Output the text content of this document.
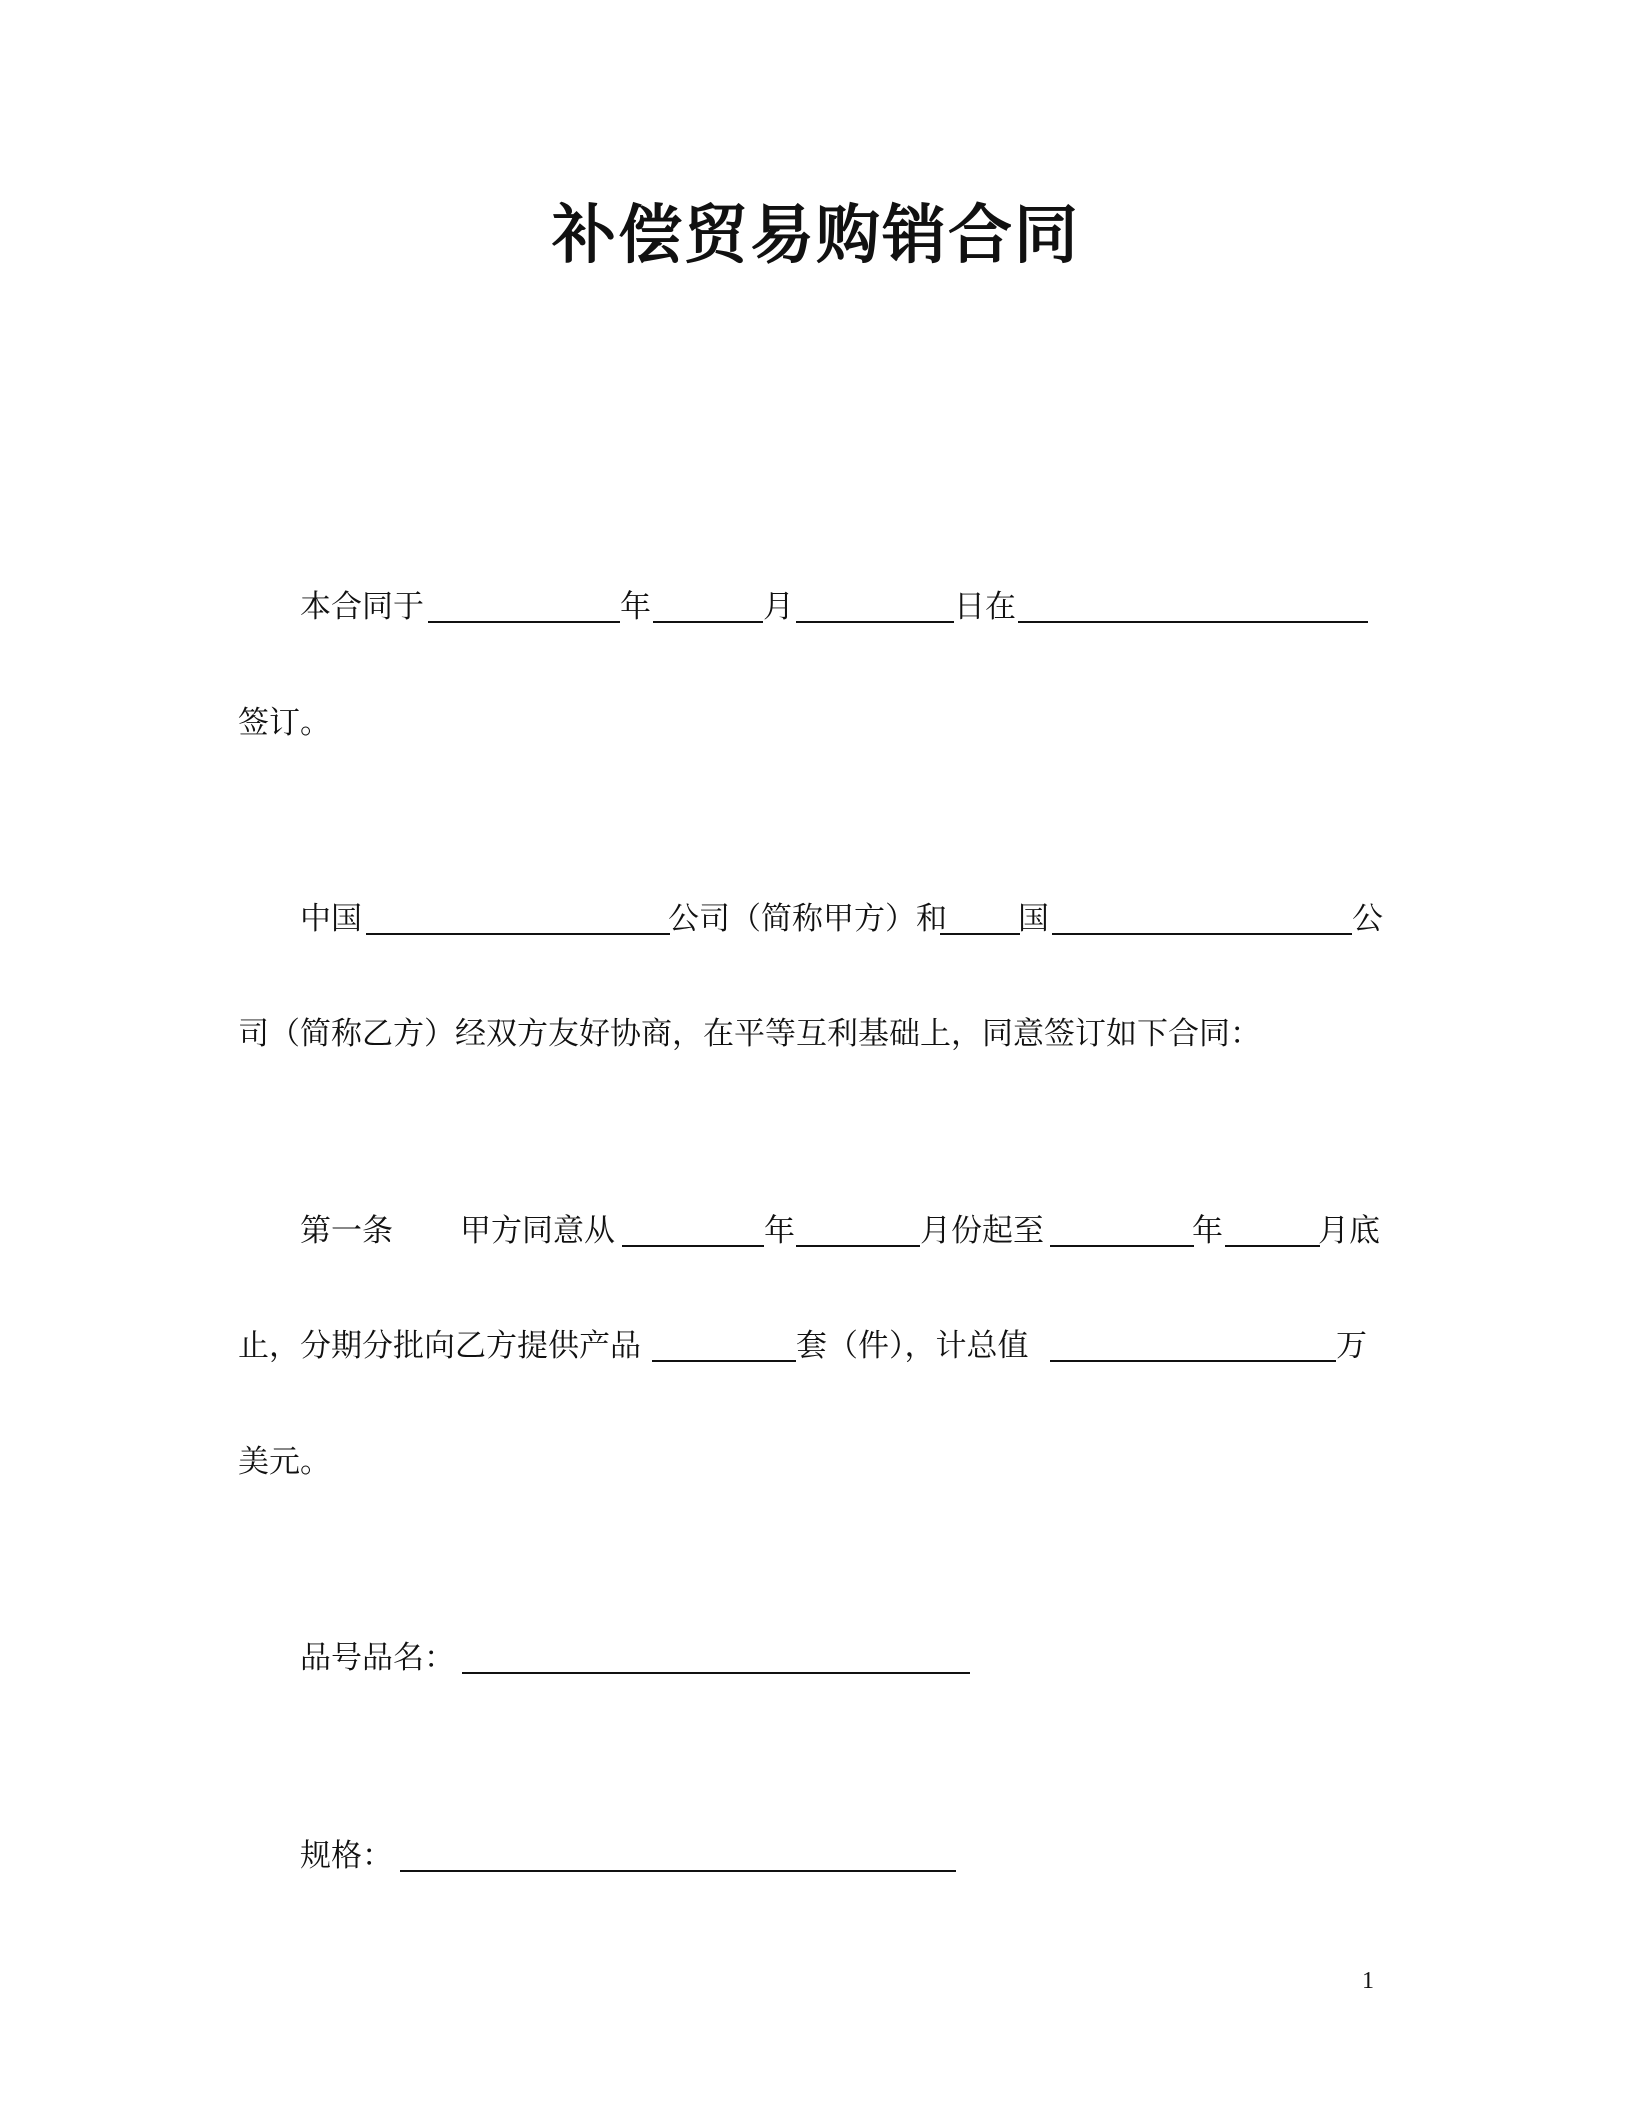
补偿贸易购销合同
本合同于	年	月	日在
签订。
中国	公司（简称甲方）和 国	公
司（简称乙方）经双方友好协商，在平等互利基础上，同意签订如下合同：
第一条 甲方同意从	年	月份起至	年	月底
止，分期分批向乙方提供产品	套（件），计总值	万
美元。
品号品名：
规格：
1
